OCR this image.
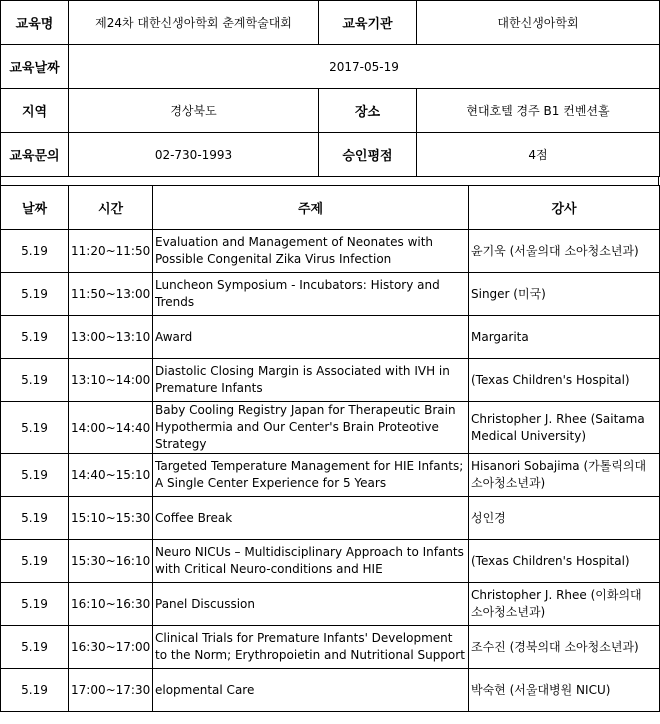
교육명	제24차 대한신생아학회 춘계학술대회	교육기관	대한신생아학회
교육날짜	2017-05-19		
지역	경상북도	장소	현대호텔 경주 B1 컨벤션홀
교육문의	02-730-1993	승인평점	4점
날짜	시간	주제	강사
5.19	11:20~11:50	Evaluation and Management of Neonates with Possible Congenital Zika Virus Infection	윤기욱 (서울의대 소아청소년과)
5.19	11:50~13:00	Luncheon Symposium - Incubators: History and Trends	Singer (미국)
5.19	13:00~13:10	Award	Margarita
5.19	13:10~14:00	Diastolic Closing Margin is Associated with IVH in Premature Infants	(Texas Children's Hospital)
5.19	14:00~14:40	Baby Cooling Registry Japan for Therapeutic Brain Hypothermia and Our Center's Brain Proteotive Strategy	Christopher J. Rhee (Saitama Medical University)
5.19	14:40~15:10	Targeted Temperature Management for HIE Infants; A Single Center Experience for 5 Years	Hisanori Sobajima (가톨릭의대 소아청소년과)
5.19	15:10~15:30	Coffee Break	성인경
5.19	15:30~16:10	Neuro NICUs – Multidisciplinary Approach to Infants with Critical Neuro-conditions and HIE	(Texas Children's Hospital)
5.19	16:10~16:30	Panel Discussion	Christopher J. Rhee (이화의대 소아청소년과)
5.19	16:30~17:00	Clinical Trials for Premature Infants' Development to the Norm; Erythropoietin and Nutritional Support	조수진 (경북의대 소아청소년과)
5.19	17:00~17:30	elopmental Care	박숙현 (서울대병원 NICU)
